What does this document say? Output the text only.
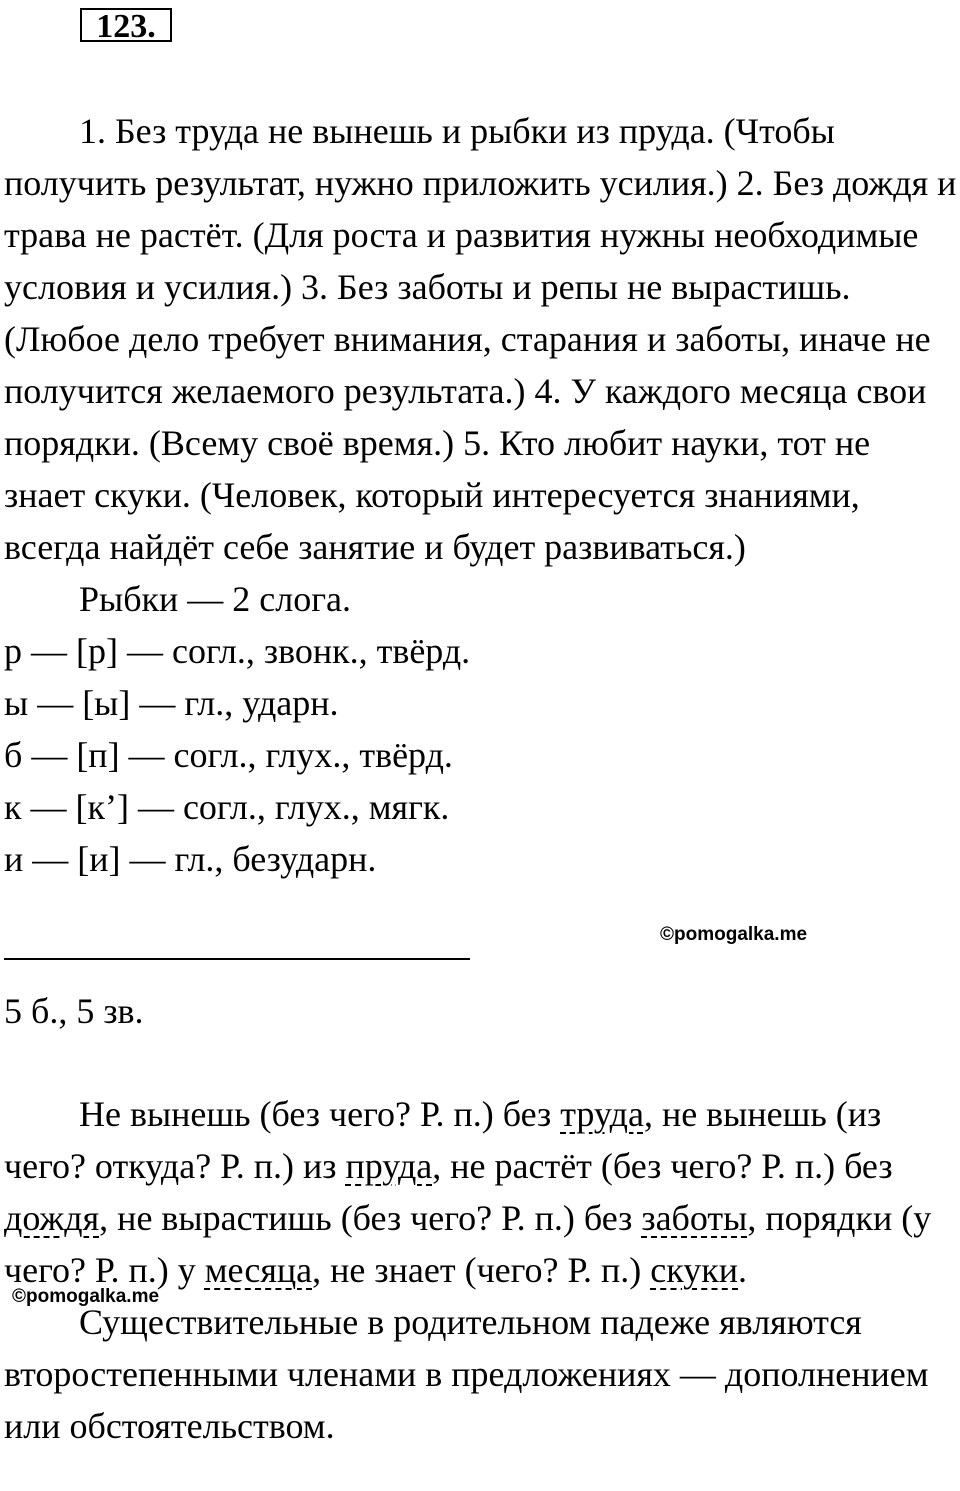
123.

1. Без труда не вынешь и рыбки из пруда. (Чтобы получить результат, нужно приложить усилия.) 2. Без дождя и трава не растёт. (Для роста и развития нужны необходимые условия и усилия.) 3. Без заботы и репы не вырастишь. (Любое дело требует внимания, старания и заботы, иначе не получится желаемого результата.) 4. У каждого месяца свои порядки. (Всему своё время.) 5. Кто любит науки, тот не знает скуки. (Человек, который интересуется знаниями, всегда найдёт себе занятие и будет развиваться.)

Рыбки — 2 слога.

р — [р] — согл., звонк., твёрд.

ы — [ы] — гл., ударн.

б — [п] — согл., глух., твёрд.

к — [к’] — согл., глух., мягк.

и — [и] — гл., безударн.

©pomogalka.me

5 б., 5 зв.

Не вынешь (без чего? Р. п.) без труда, не вынешь (из чего? откуда? Р. п.) из пруда, не растёт (без чего? Р. п.) без дождя, не вырастишь (без чего? Р. п.) без заботы, порядки (у чего? Р. п.) у месяца, не знает (чего? Р. п.) скуки.

Существительные в родительном падеже являются второстепенными членами в предложениях — дополнением или обстоятельством.

©pomogalka.me
